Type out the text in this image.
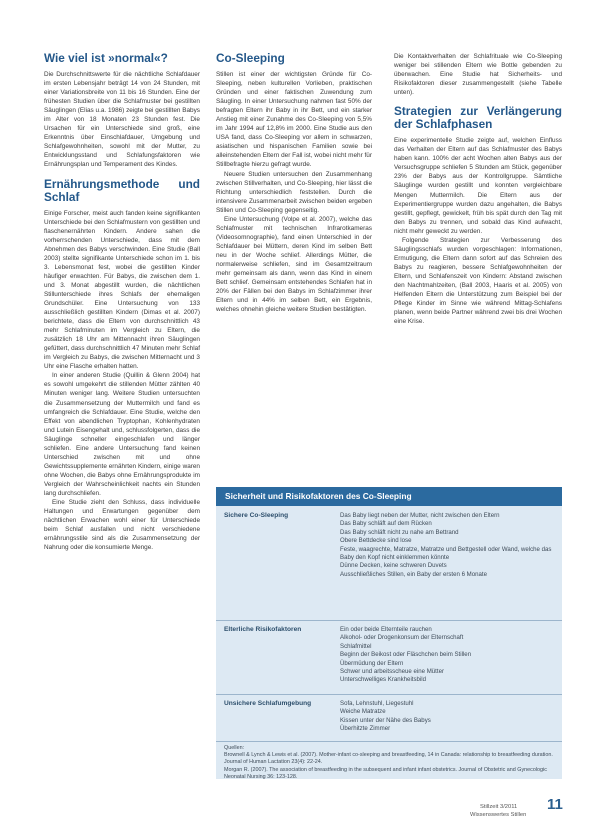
Wie viel ist »normal«?

Die Durchschnittswerte für die nächtliche Schlafdauer im ersten Lebensjahr beträgt 14 von 24 Stunden, mit einer Variationsbreite von 11 bis 16 Stunden. Eine der frühesten Studien über die Schlafmuster bei gestillten Säuglingen (Elias u.a. 1986) zeigte bei gestillten Babys im Alter von 18 Monaten 23 Stunden fest. Die Ursachen für ein Unterschiede sind groß, eine Erkenntnis über Einschlafdauer, Umgebung und Schlafgewohnheiten, sowohl mit der Mutter, zu Entwicklungsstand und Schlafungsfaktoren wie Ernährungsplan und Temperament des Kindes.

Ernährungsmethode und Schlaf

Einige Forscher, meist auch fanden keine signifikanten Unterschiede bei den Schlafmustern von gestillten und flaschenernährten Kindern. Andere sahen die vorherrschenden Unterschiede, dass mit dem Abnehmen des Babys verschwinden. Eine Studie (Ball 2003) stellte signifikante Unterschiede schon im 1. bis 3. Lebensmonat fest, wobei die gestillten Kinder häufiger erwachten. Für Babys, die zwischen dem 1. und 3. Monat abgestillt wurden, die nächtlichen Stillunterschiede ihres Schlafs der ehemaligen Grundschüler. Eine Untersuchung von 133 ausschließlich gestillten Kindern (Dimas et al. 2007) berichtete, dass die Eltern von durchschnittlich 43 mehr Schlafminuten im Vergleich zu Eltern, die zusätzlich 18 Uhr am Mittennacht ihren Säuglingen gefüttert, dass durchschnittlich 47 Minuten mehr Schlaf im Vergleich zu Babys, die zwischen Mitternacht und 3 Uhr eine Flasche erhalten hatten.

In einer anderen Studie (Quillin & Glenn 2004) hat es sowohl umgekehrt die stillenden Mütter zählten 40 Minuten weniger lang. Weitere Studien untersuchten die Zusammensetzung der Muttermilch und fand es umfangreich die Schlafdauer. Eine Studie, welche den Effekt von abendlichen Tryptophan, Kohlenhydraten und Lutein Eisengehalt und, schlussfolgerten, dass die Säuglinge schneller eingeschlafen und länger schliefen. Eine andere Untersuchung fand keinen Unterschied zwischen mit und ohne Gewichtssupplemente ernährten Kindern, einige waren ohne Wochen, die Babys ohne Ernährungsprodukte im Vergleich der Wahrscheinlichkeit nachts ein Stunden lang durchschliefen.

Eine Studie zieht den Schluss, dass individuelle Haltungen und Erwartungen gegenüber dem nächtlichen Erwachen wohl einer für Unterschiede beim Schlaf ausfallen und nicht verschiedene ernährungsstile sind als die Zusammensetzung der Nahrung oder die konsumierte Menge.

Co-Sleeping

Stillen ist einer der wichtigsten Gründe für Co-Sleeping, neben kulturellen Vorlieben, praktischen Gründen und einer faktischen Zuwendung zum Säugling. In einer Untersuchung nahmen fast 50% der befragten Eltern ihr Baby in ihr Bett, und ein starker Anstieg mit einer Zunahme des Co-Sleeping von 5,5% im Jahr 1994 auf 12,8% im 2000. Eine Studie aus den USA fand, dass Co-Sleeping vor allem in schwarzen, asiatischen und hispanischen Familien sowie bei alleinstehenden Eltern der Fall ist, wobei nicht mehr für Stillbefragte hierzu gefragt wurde.

Neuere Studien untersuchen den Zusammenhang zwischen Stillverhalten, und Co-Sleeping, hier lässt die Richtung unterschiedlich feststellen. Durch die intensivere Zusammenarbeit zwischen beiden ergeben Stillen und Co-Sleeping gegenseitig.

Eine Untersuchung (Volpe et al. 2007), welche das Schlafmuster mit technischen Infrarotkameras (Videosomnographie), fand einen Unterschied in der Schlafdauer bei Müttern, deren Kind im selben Bett neu in der Woche schlief. Allerdings Mütter, die normalerweise schliefen, sind im Gesamtzeitraum mehr gemeinsam als dann, wenn das Kind in einem Bett schlief. Gemeinsam entstehendes Schlafen hat in 20% der Fällen bei den Babys im Schlafzimmer ihrer Eltern und in 44% im selben Bett, ein Ergebnis, welches ohnehin gleiche weitere Studien bestätigten.

Die Kontaktverhalten der Schlafrituale wie Co-Sleeping weniger bei stillenden Eltern wie Bottle gebenden zu überwachen. Eine Studie hat Sicherheits- und Risikofaktoren dieser zusammengestellt (siehe Tabelle unten).

Strategien zur Verlängerung der Schlafphasen

Eine experimentelle Studie zeigte auf, welchen Einfluss das Verhalten der Eltern auf das Schlafmuster des Babys haben kann. 100% der acht Wochen alten Babys aus der Versuchsgruppe schliefen 5 Stunden am Stück, gegenüber 23% der Babys aus der Kontrollgruppe. Sämtliche Säuglinge wurden gestillt und konnten vergleichbare Mengen Muttermilch. Die Eltern aus der Experimentiergruppe wurden dazu angehalten, die Babys gestillt, gepflegt, gewickelt, früh bis spät durch den Tag mit den Babys zu trennen, und sobald das Kind aufwacht, nicht mehr geweckt zu werden.

Folgende Strategien zur Verbesserung des Säuglingsschlafs wurden vorgeschlagen: Informationen, Ermutigung, die Eltern dann sofort auf das Schreien des Babys zu reagieren, bessere Schlafgewohnheiten der Eltern, und Schlafenszeit von Kindern: Abstand zwischen den Nachtmahlzeiten, (Ball 2003, Haaris et al. 2005) von Helfenden Eltern die Unterstützung zum Beispiel bei der Pflege Kinder im Sinne wie während Mittag-Schlafens planen, wenn beide Partner während zwei bis drei Wochen eine Krise.

Sicherheit und Risikofaktoren des Co-Sleeping
Sichere Co-Sleeping	Das Baby liegt neben der Mutter, nicht zwischen den Eltern
Das Baby schläft auf dem Rücken
Das Baby schläft nicht zu nahe am Bettrand
Obere Bettdecke sind lose
Feste, waagrechte, Matratze, Matratze und Bettgestell oder Wand, welche das Baby den Kopf nicht einklemmen könnte
Dünne Decken, keine schweren Duvets
Ausschließliches Stillen, ein Baby der ersten 6 Monate
Elterliche Risikofaktoren	Ein oder beide Elternteile rauchen
Alkohol- oder Drogenkonsum der Elternschaft
Schlafmittel
Beginn der Beikost oder Fläschchen beim Stillen
Übermüdung der Eltern
Schwer und arbeitsscheue eine Mütter
Unterschwelliges Krankheitsbild
Unsichere Schlafumgebung	Sofa, Lehnstuhl, Liegestuhl
Weiche Matratze
Kissen unter der Nähe des Babys
Überhitzte Zimmer
Quellen:
Brownell & Lynch & Lewis et al. (2007). Mother-infant co-sleeping and breastfeeding, 14 in Canada: relationship to breastfeeding duration. Journal of Human Lactation 23(4): 22-24.
Morgan R. (2007). The association of breastfeeding in the subsequent and infant infant obstetrics. Journal of Obstetric and Gynecologic Neonatal Nursing 36: 123-128.
Stillzeit 3/2011
Wissenswertes Stillen
11
